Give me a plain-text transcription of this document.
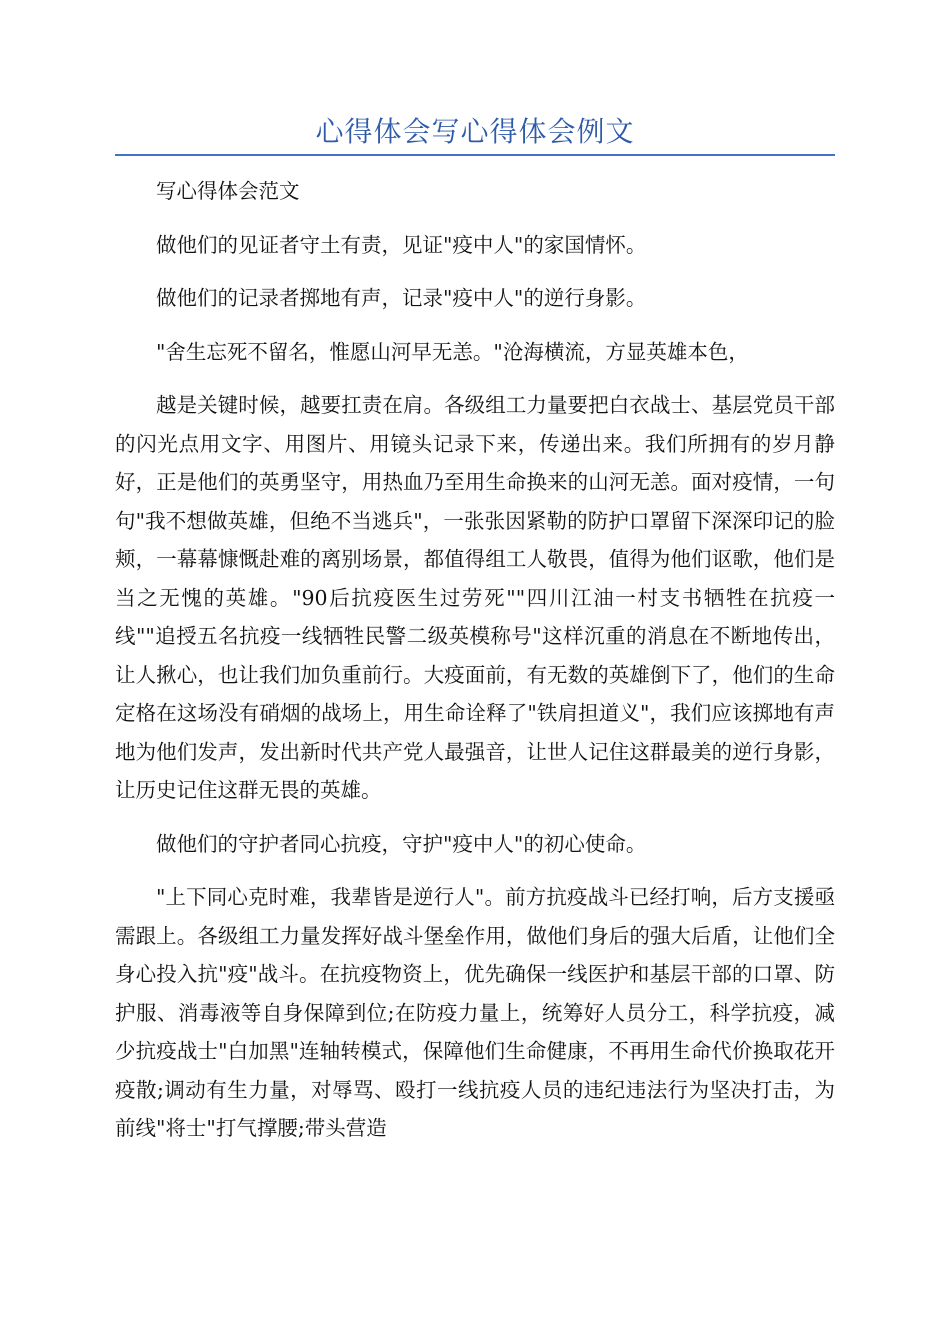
心得体会写心得体会例文

写心得体会范文

做他们的见证者守土有责，见证"疫中人"的家国情怀。

做他们的记录者掷地有声，记录"疫中人"的逆行身影。

"舍生忘死不留名，惟愿山河早无恙。"沧海横流，方显英雄本色，

越是关键时候，越要扛责在肩。各级组工力量要把白衣战士、基层党员干部的闪光点用文字、用图片、用镜头记录下来，传递出来。我们所拥有的岁月静好，正是他们的英勇坚守，用热血乃至用生命换来的山河无恙。面对疫情，一句句"我不想做英雄，但绝不当逃兵"，一张张因紧勒的防护口罩留下深深印记的脸颊，一幕幕慷慨赴难的离别场景，都值得组工人敬畏，值得为他们讴歌，他们是当之无愧的英雄。"90后抗疫医生过劳死""四川江油一村支书牺牲在抗疫一线""追授五名抗疫一线牺牲民警二级英模称号"这样沉重的消息在不断地传出，让人揪心，也让我们加负重前行。大疫面前，有无数的英雄倒下了，他们的生命定格在这场没有硝烟的战场上，用生命诠释了"铁肩担道义"，我们应该掷地有声地为他们发声，发出新时代共产党人最强音，让世人记住这群最美的逆行身影，让历史记住这群无畏的英雄。

做他们的守护者同心抗疫，守护"疫中人"的初心使命。

"上下同心克时难，我辈皆是逆行人"。前方抗疫战斗已经打响，后方支援亟需跟上。各级组工力量发挥好战斗堡垒作用，做他们身后的强大后盾，让他们全身心投入抗"疫"战斗。在抗疫物资上，优先确保一线医护和基层干部的口罩、防护服、消毒液等自身保障到位;在防疫力量上，统筹好人员分工，科学抗疫，减少抗疫战士"白加黑"连轴转模式，保障他们生命健康，不再用生命代价换取花开疫散;调动有生力量，对辱骂、殴打一线抗疫人员的违纪违法行为坚决打击，为前线"将士"打气撑腰;带头营造
